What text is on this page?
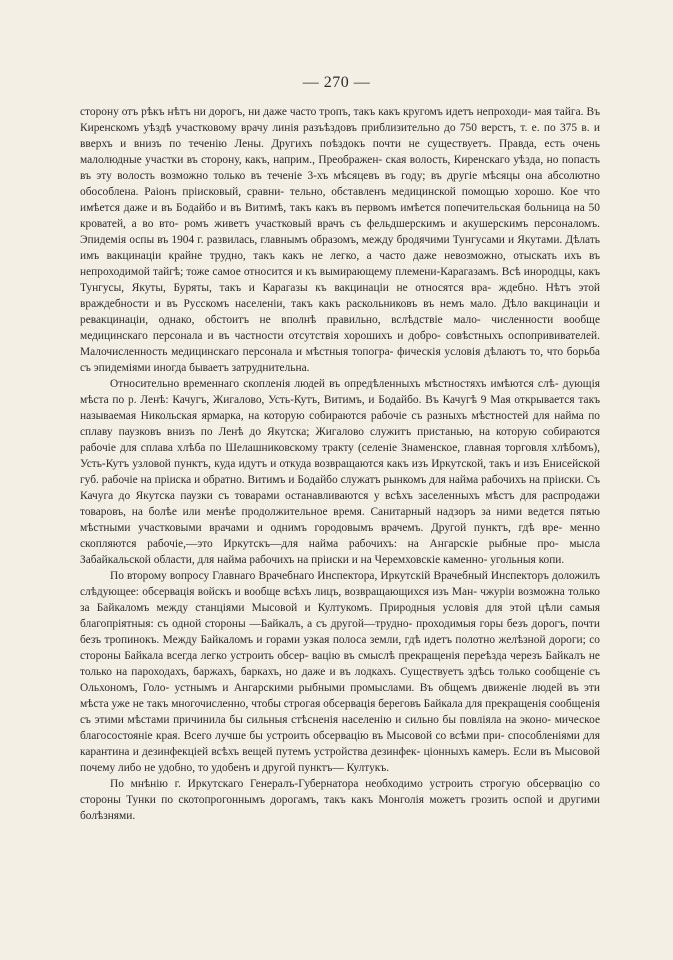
— 270 —

сторону отъ рѣкъ нѣтъ ни дорогъ, ни даже часто тропъ, такъ какъ кругомъ идетъ непроходи- мая тайга. Въ Киренскомъ уѣздѣ участковому врачу линія разъѣздовъ приблизительно до 750 верстъ, т. е. по 375 в. и вверхъ и внизъ по теченію Лены. Другихъ поѣздокъ почти не существуетъ. Правда, есть очень малолюдные участки въ сторону, какъ, наприм., Преображен- ская волость, Киренскаго уѣзда, но попасть въ эту волость возможно только въ теченіе 3-хъ мѣсяцевъ въ году; въ другіе мѣсяцы она абсолютно обособлена. Раіонъ пріисковый, сравни- тельно, обставленъ медицинской помощью хорошо. Кое что имѣется даже и въ Бодайбо и въ Витимѣ, такъ какъ въ первомъ имѣется попечительская больница на 50 кроватей, а во вто- ромъ живетъ участковый врачъ съ фельдшерскимъ и акушерскимъ персоналомъ. Эпидемія оспы въ 1904 г. развилась, главнымъ образомъ, между бродячими Тунгусами и Якутами. Дѣлать имъ вакцинаціи крайне трудно, такъ какъ не легко, а часто даже невозможно, отыскать ихъ въ непроходимой тайгѣ; тоже самое относится и къ вымирающему племени-Карагазамъ. Всѣ инородцы, какъ Тунгусы, Якуты, Буряты, такъ и Карагазы къ вакцинаціи не относятся вра- ждебно. Нѣтъ этой враждебности и въ Русскомъ населеніи, такъ какъ раскольниковъ въ немъ мало. Дѣло вакцинаціи и ревакцинаціи, однако, обстоитъ не вполнѣ правильно, вслѣдствіе мало- численности вообще медицинскаго персонала и въ частности отсутствія хорошихъ и добро- совѣстныхъ оспопрививателей. Малочисленность медицинскаго персонала и мѣстныя топогра- фическія условія дѣлаютъ то, что борьба съ эпидеміями иногда бываетъ затруднительна.

Относительно временнаго скопленія людей въ опредѣленныхъ мѣстностяхъ имѣются слѣ- дующія мѣста по р. Ленѣ: Качугъ, Жигалово, Усть-Кутъ, Витимъ, и Бодайбо. Въ Качугѣ 9 Мая открывается такъ называемая Никольская ярмарка, на которую собираются рабочіе съ разныхъ мѣстностей для найма по сплаву паузковъ внизъ по Ленѣ до Якутска; Жигалово служитъ пристанью, на которую собираются рабочіе для сплава хлѣба по Шелашниковскому тракту (селеніе Знаменское, главная торговля хлѣбомъ), Усть-Кутъ узловой пунктъ, куда идутъ и откуда возвращаются какъ изъ Иркутской, такъ и изъ Енисейской губ. рабочіе на пріиска и обратно. Витимъ и Бодайбо служатъ рынкомъ для найма рабочихъ на пріиски. Съ Качуга до Якутска паузки съ товарами останавливаются у всѣхъ заселенныхъ мѣстъ для распродажи товаровъ, на болѣе или менѣе продолжительное время. Санитарный надзоръ за ними ведется пятью мѣстными участковыми врачами и однимъ городовымъ врачемъ. Другой пунктъ, гдѣ вре- менно скопляются рабочіе,—это Иркутскъ—для найма рабочихъ: на Ангарскіе рыбные про- мысла Забайкальской области, для найма рабочихъ на пріиски и на Черемховскіе каменно- угольныя копи.

По второму вопросу Главнаго Врачебнаго Инспектора, Иркутскій Врачебный Инспекторъ доложилъ слѣдующее: обсервація войскъ и вообще всѣхъ лицъ, возвращающихся изъ Ман- чжуріи возможна только за Байкаломъ между станціями Мысовой и Култукомъ. Природныя условія для этой цѣли самыя благопріятныя: съ одной стороны —Байкалъ, а съ другой—трудно- проходимыя горы безъ дорогъ, почти безъ тропинокъ. Между Байкаломъ и горами узкая полоса земли, гдѣ идетъ полотно желѣзной дороги; со стороны Байкала всегда легко устроить обсер- вацію въ смыслѣ прекращенія переѣзда черезъ Байкалъ не только на пароходахъ, баржахъ, баркахъ, но даже и въ лодкахъ. Существуетъ здѣсь только сообщеніе съ Ольхономъ, Голо- устнымъ и Ангарскими рыбными промыслами. Въ общемъ движеніе людей въ эти мѣста уже не такъ многочисленно, чтобы строгая обсервація береговъ Байкала для прекращенія сообщенія съ этими мѣстами причинила бы сильныя стѣсненія населенію и сильно бы повліяла на эконо- мическое благосостояніе края. Всего лучше бы устроить обсервацію въ Мысовой со всѣми при- способленіями для карантина и дезинфекціей всѣхъ вещей путемъ устройства дезинфек- ціонныхъ камеръ. Если въ Мысовой почему либо не удобно, то удобенъ и другой пунктъ— Култукъ.

По мнѣнію г. Иркутскаго Генералъ-Губернатора необходимо устроить строгую обсервацію со стороны Тунки по скотопрогоннымъ дорогамъ, такъ какъ Монголія можетъ грозить оспой и другими болѣзнями.
